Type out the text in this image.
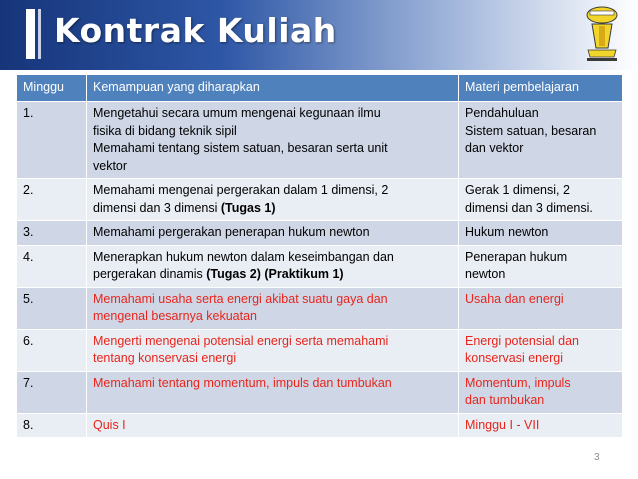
Kontrak Kuliah
Minggu	Kemampuan yang diharapkan	Materi pembelajaran
1.	Mengetahui secara umum mengenai kegunaan ilmu
fisika di bidang teknik sipil
Memahami tentang sistem satuan, besaran serta unit
vektor	Pendahuluan
Sistem satuan, besaran
dan vektor
2.	Memahami mengenai pergerakan dalam 1 dimensi, 2
dimensi dan 3 dimensi (Tugas 1)	Gerak 1 dimensi, 2
dimensi dan 3 dimensi.
3.	Memahami pergerakan penerapan hukum newton	Hukum newton
4.	Menerapkan hukum newton dalam keseimbangan dan
pergerakan dinamis (Tugas 2) (Praktikum 1)	Penerapan hukum
newton
5.	Memahami usaha serta energi akibat suatu gaya dan
mengenal besarnya kekuatan	Usaha dan energi
6.	Mengerti mengenai potensial energi serta memahami
tentang konservasi energi	Energi potensial dan
konservasi energi
7.	Memahami tentang momentum, impuls dan tumbukan	Momentum, impuls
dan tumbukan
8.	Quis I	Minggu I - VII
3
